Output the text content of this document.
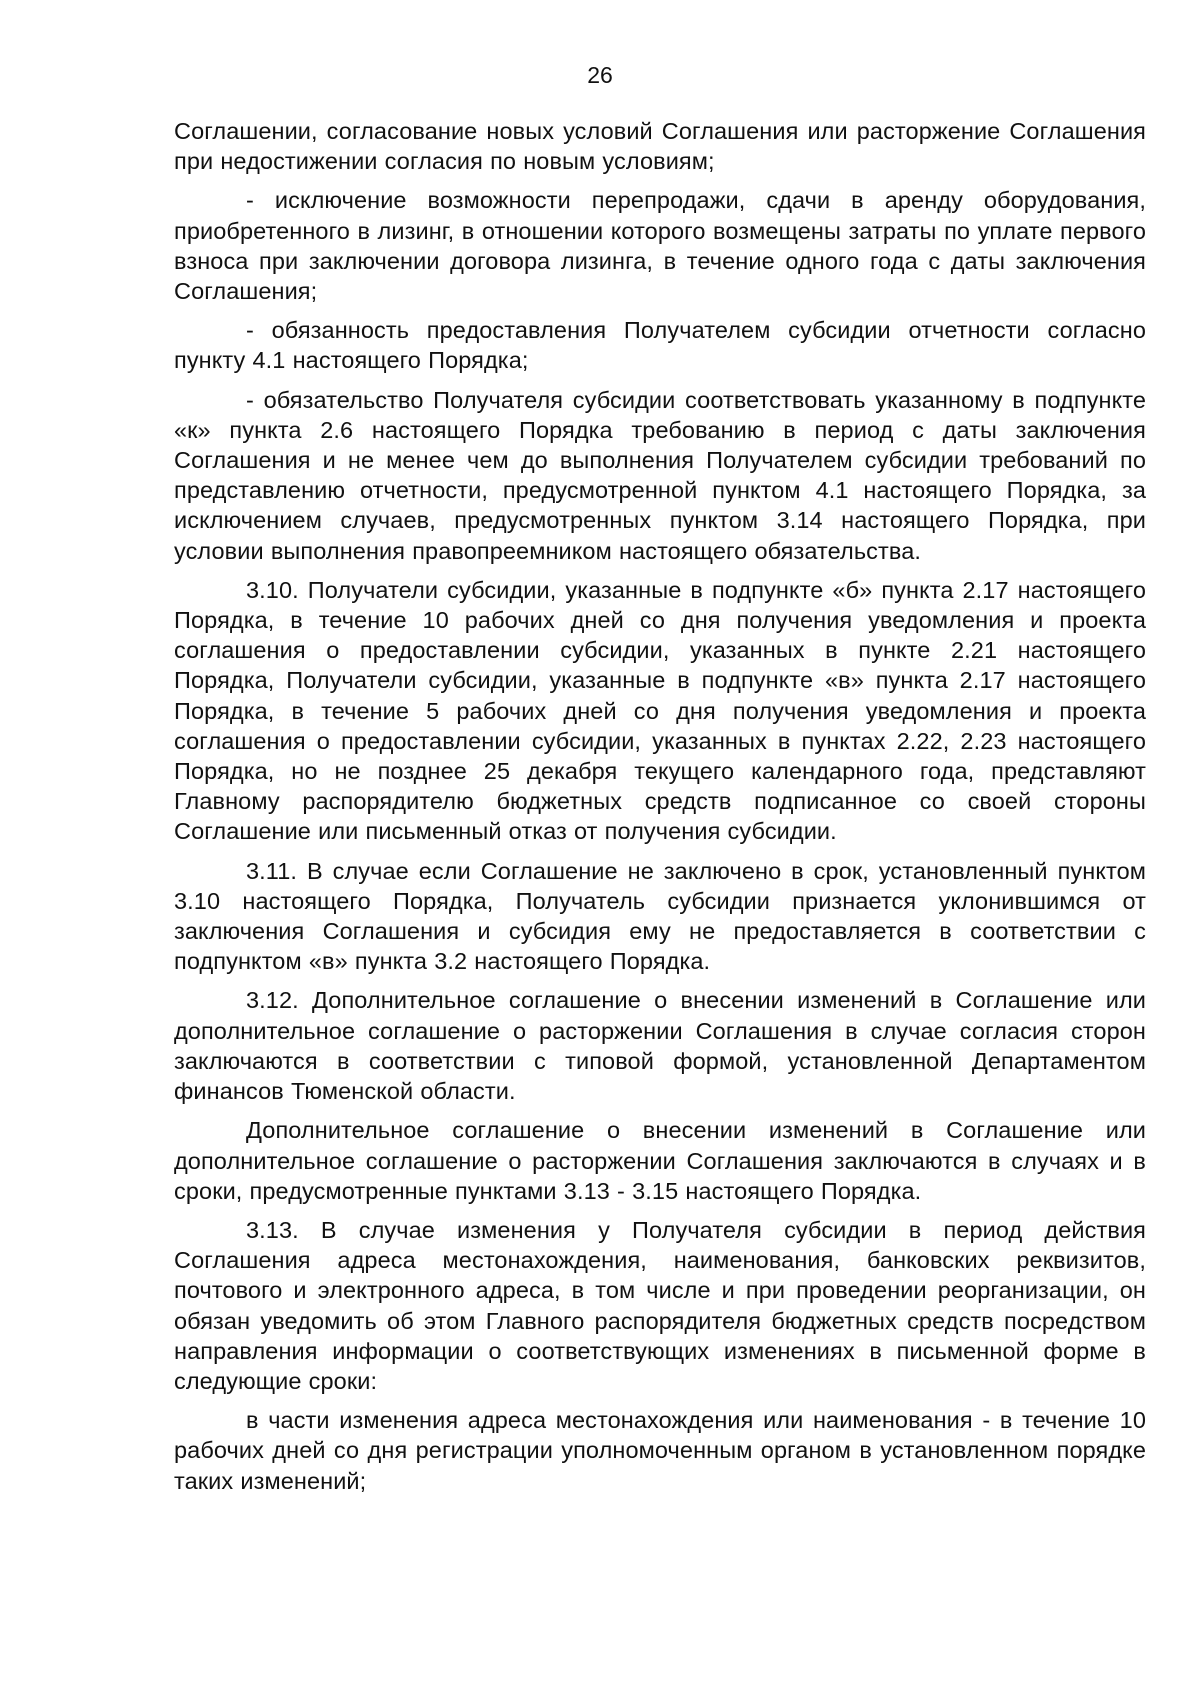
26

Соглашении, согласование новых условий Соглашения или расторжение Соглашения при недостижении согласия по новым условиям;

- исключение возможности перепродажи, сдачи в аренду оборудования, приобретенного в лизинг, в отношении которого возмещены затраты по уплате первого взноса при заключении договора лизинга, в течение одного года с даты заключения Соглашения;

- обязанность предоставления Получателем субсидии отчетности согласно пункту 4.1 настоящего Порядка;

- обязательство Получателя субсидии соответствовать указанному в подпункте «к» пункта 2.6 настоящего Порядка требованию в период с даты заключения Соглашения и не менее чем до выполнения Получателем субсидии требований по представлению отчетности, предусмотренной пунктом 4.1 настоящего Порядка, за исключением случаев, предусмотренных пунктом 3.14 настоящего Порядка, при условии выполнения правопреемником настоящего обязательства.

3.10. Получатели субсидии, указанные в подпункте «б» пункта 2.17 настоящего Порядка, в течение 10 рабочих дней со дня получения уведомления и проекта соглашения о предоставлении субсидии, указанных в пункте 2.21 настоящего Порядка, Получатели субсидии, указанные в подпункте «в» пункта 2.17 настоящего Порядка, в течение 5 рабочих дней со дня получения уведомления и проекта соглашения о предоставлении субсидии, указанных в пунктах 2.22, 2.23 настоящего Порядка, но не позднее 25 декабря текущего календарного года, представляют Главному распорядителю бюджетных средств подписанное со своей стороны Соглашение или письменный отказ от получения субсидии.

3.11. В случае если Соглашение не заключено в срок, установленный пунктом 3.10 настоящего Порядка, Получатель субсидии признается уклонившимся от заключения Соглашения и субсидия ему не предоставляется в соответствии с подпунктом «в» пункта 3.2 настоящего Порядка.

3.12. Дополнительное соглашение о внесении изменений в Соглашение или дополнительное соглашение о расторжении Соглашения в случае согласия сторон заключаются в соответствии с типовой формой, установленной Департаментом финансов Тюменской области.

Дополнительное соглашение о внесении изменений в Соглашение или дополнительное соглашение о расторжении Соглашения заключаются в случаях и в сроки, предусмотренные пунктами 3.13 - 3.15 настоящего Порядка.

3.13. В случае изменения у Получателя субсидии в период действия Соглашения адреса местонахождения, наименования, банковских реквизитов, почтового и электронного адреса, в том числе и при проведении реорганизации, он обязан уведомить об этом Главного распорядителя бюджетных средств посредством направления информации о соответствующих изменениях в письменной форме в следующие сроки:

в части изменения адреса местонахождения или наименования - в течение 10 рабочих дней со дня регистрации уполномоченным органом в установленном порядке таких изменений;
